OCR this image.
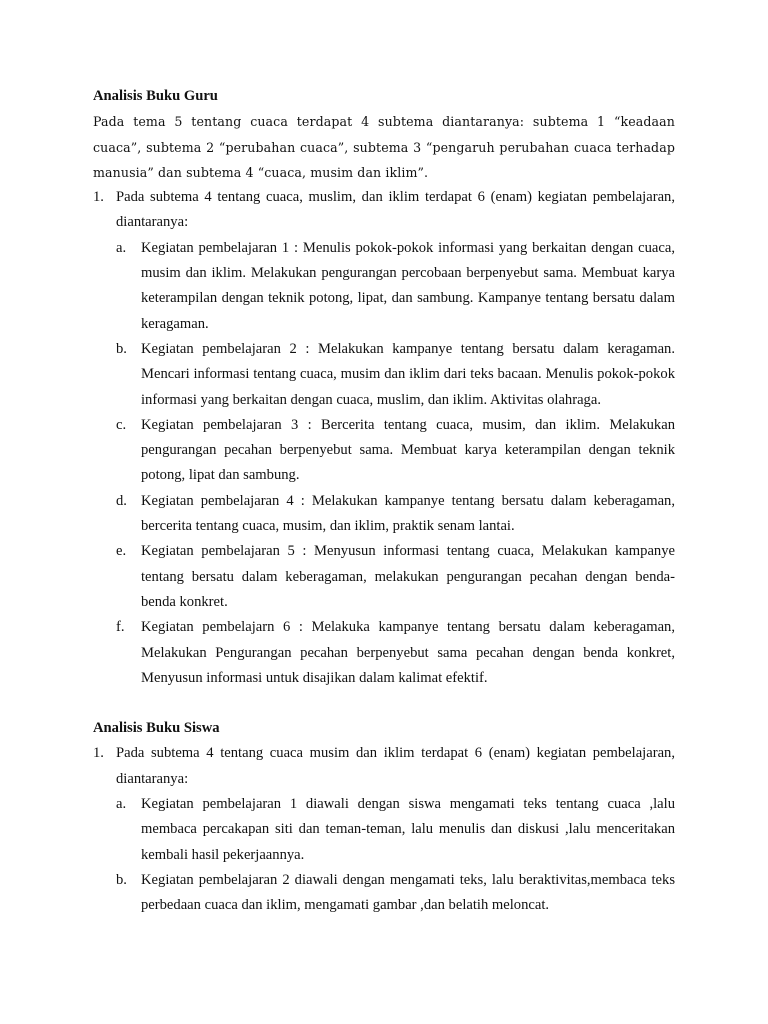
Analisis Buku Guru

Pada tema 5 tentang cuaca terdapat 4 subtema diantaranya: subtema 1 “keadaan cuaca”, subtema 2 “perubahan cuaca”, subtema 3 “pengaruh perubahan cuaca terhadap manusia” dan subtema 4 “cuaca, musim dan iklim”.

1. Pada subtema 4 tentang cuaca, muslim, dan iklim terdapat 6 (enam) kegiatan pembelajaran, diantaranya:
a. Kegiatan pembelajaran 1 : Menulis pokok-pokok informasi yang berkaitan dengan cuaca, musim dan iklim. Melakukan pengurangan percobaan berpenyebut sama. Membuat karya keterampilan dengan teknik potong, lipat, dan sambung. Kampanye tentang bersatu dalam keragaman.
b. Kegiatan pembelajaran 2 : Melakukan kampanye tentang bersatu dalam keragaman. Mencari informasi tentang cuaca, musim dan iklim dari teks bacaan. Menulis pokok-pokok informasi yang berkaitan dengan cuaca, muslim, dan iklim. Aktivitas olahraga.
c. Kegiatan pembelajaran 3 : Bercerita tentang cuaca, musim, dan iklim. Melakukan pengurangan pecahan berpenyebut sama. Membuat karya keterampilan dengan teknik potong, lipat dan sambung.
d. Kegiatan pembelajaran 4 : Melakukan kampanye tentang bersatu dalam keberagaman, bercerita tentang cuaca, musim, dan iklim, praktik senam lantai.
e. Kegiatan pembelajaran 5 : Menyusun informasi tentang cuaca, Melakukan kampanye tentang bersatu dalam keberagaman, melakukan pengurangan pecahan dengan benda-benda konkret.
f. Kegiatan pembelajarn 6 : Melakuka kampanye tentang bersatu dalam keberagaman, Melakukan Pengurangan pecahan berpenyebut sama pecahan dengan benda konkret, Menyusun informasi untuk disajikan dalam kalimat efektif.

Analisis Buku Siswa

1. Pada subtema 4 tentang cuaca musim dan iklim terdapat 6 (enam) kegiatan pembelajaran, diantaranya:
a. Kegiatan pembelajaran 1 diawali dengan siswa mengamati teks tentang cuaca ,lalu membaca percakapan siti dan teman-teman, lalu menulis dan diskusi ,lalu menceritakan kembali hasil pekerjaannya.
b. Kegiatan pembelajaran 2 diawali dengan mengamati teks, lalu beraktivitas,membaca teks perbedaan cuaca dan iklim, mengamati gambar ,dan belatih meloncat.
